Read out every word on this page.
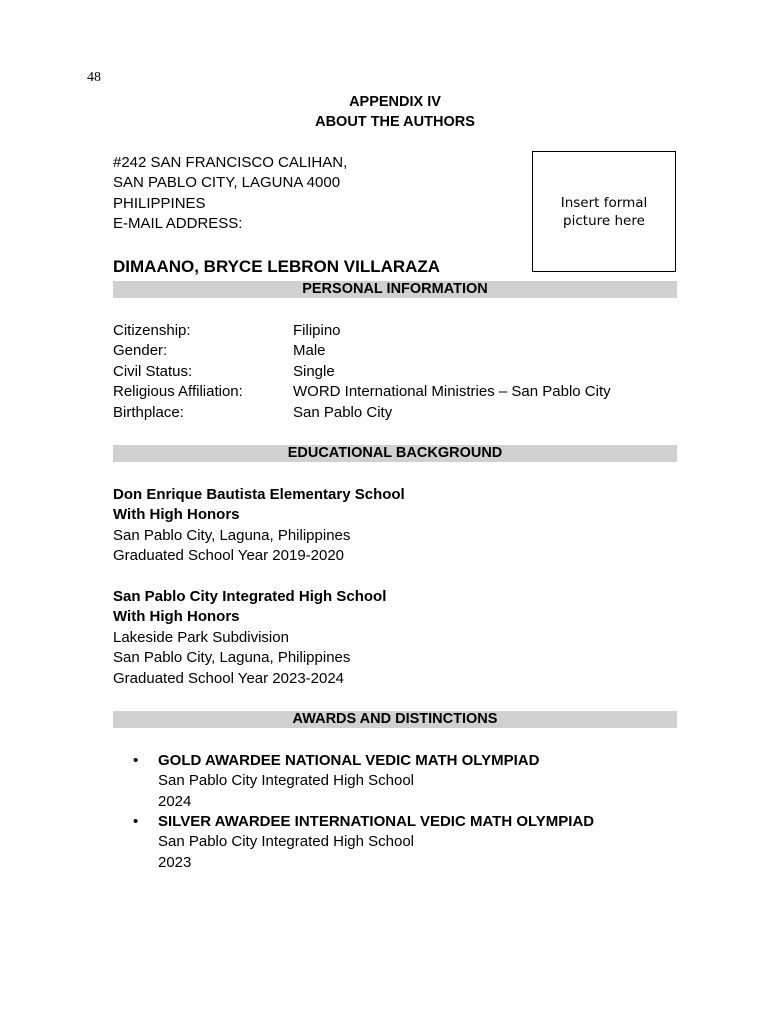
48
APPENDIX IV
ABOUT THE AUTHORS
#242 SAN FRANCISCO CALIHAN,
SAN PABLO CITY, LAGUNA 4000
PHILIPPINES
E-MAIL ADDRESS:
Insert formal
picture here
DIMAANO, BRYCE LEBRON VILLARAZA
PERSONAL INFORMATION
Citizenship:	Filipino
Gender:	Male
Civil Status:	Single
Religious Affiliation:	WORD International Ministries – San Pablo City
Birthplace:	San Pablo City
EDUCATIONAL BACKGROUND
Don Enrique Bautista Elementary School
With High Honors
San Pablo City, Laguna, Philippines
Graduated School Year 2019-2020
San Pablo City Integrated High School
With High Honors
Lakeside Park Subdivision
San Pablo City, Laguna, Philippines
Graduated School Year 2023-2024
AWARDS AND DISTINCTIONS
• GOLD AWARDEE NATIONAL VEDIC MATH OLYMPIAD
San Pablo City Integrated High School
2024
• SILVER AWARDEE INTERNATIONAL VEDIC MATH OLYMPIAD
San Pablo City Integrated High School
2023
